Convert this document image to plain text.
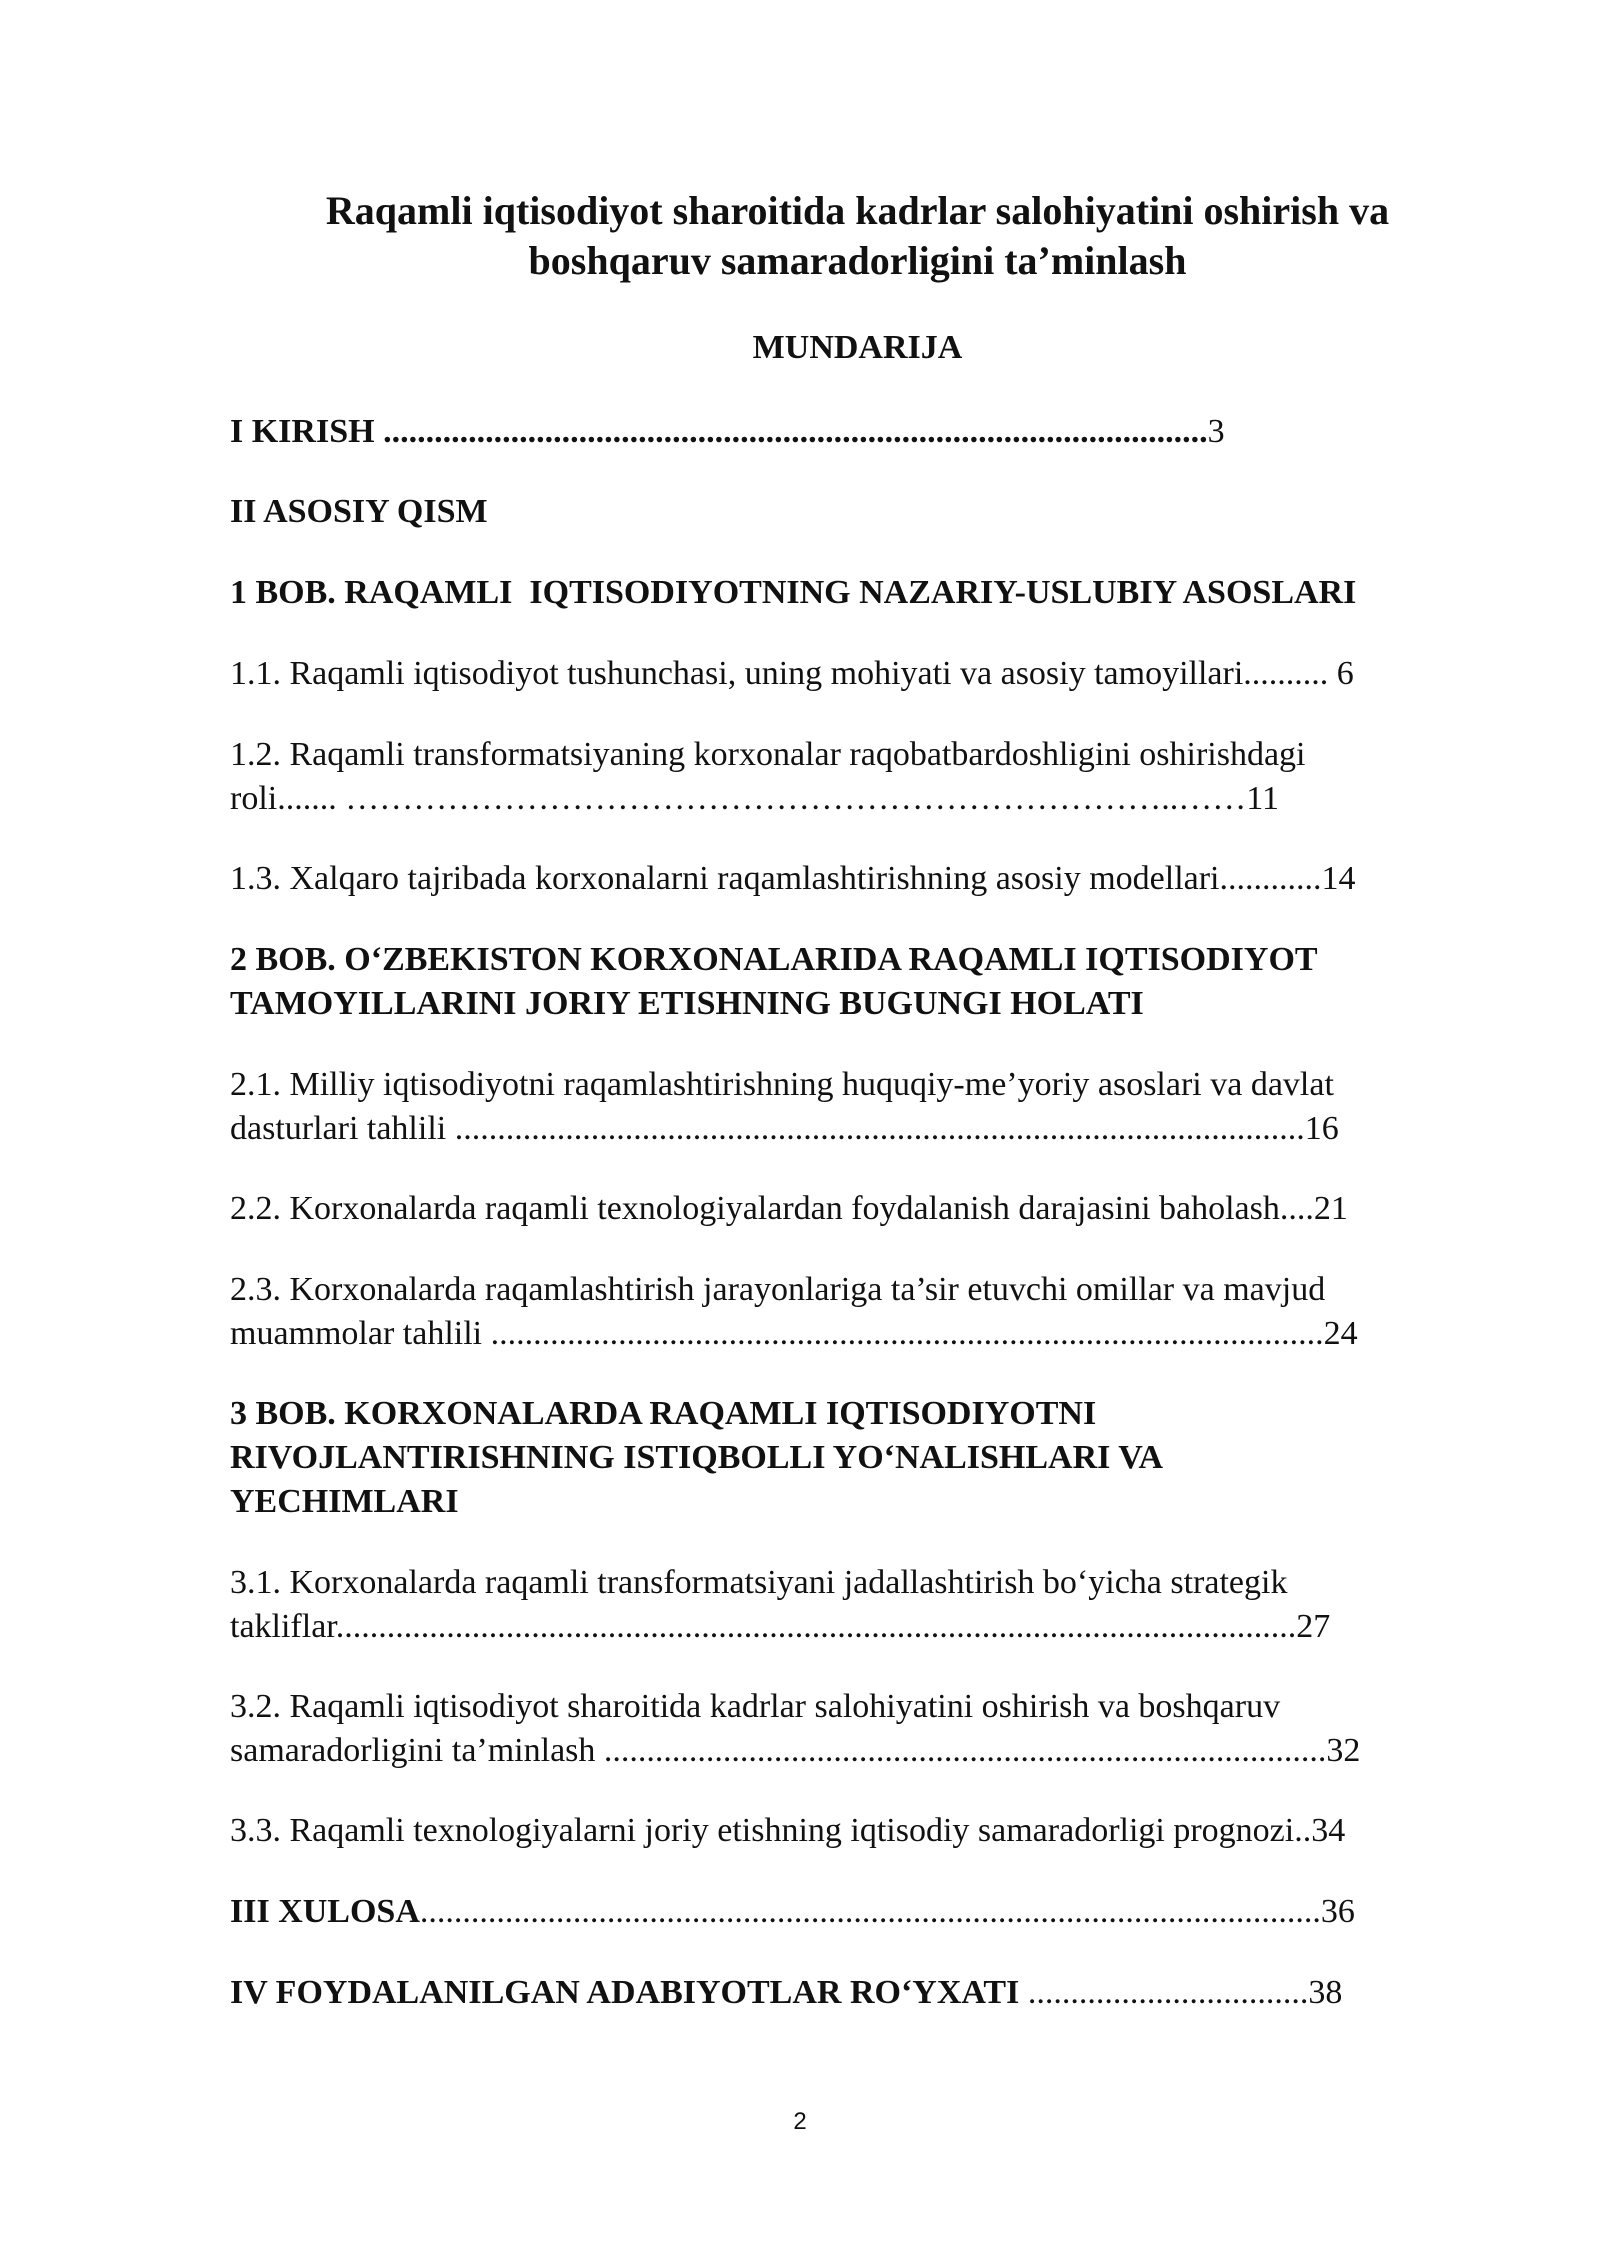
Raqamli iqtisodiyot sharoitida kadrlar salohiyatini oshirish va
boshqaruv samaradorligini ta’minlash
MUNDARIJA
I KIRISH .................................................................................................3
II ASOSIY QISM
1 BOB. RAQAMLI  IQTISODIYOTNING NAZARIY-USLUBIY ASOSLARI
1.1. Raqamli iqtisodiyot tushunchasi, uning mohiyati va asosiy tamoyillari.......... 6
1.2. Raqamli transformatsiyaning korxonalar raqobatbardoshligini oshirishdagi
roli....... ………………………………………………………………..……11
1.3. Xalqaro tajribada korxonalarni raqamlashtirishning asosiy modellari............14
2 BOB. O‘ZBEKISTON KORXONALARIDA RAQAMLI IQTISODIYOT
TAMOYILLARINI JORIY ETISHNING BUGUNGI HOLATI
2.1. Milliy iqtisodiyotni raqamlashtirishning huquqiy-me’yoriy asoslari va davlat
dasturlari tahlili ....................................................................................................16
2.2. Korxonalarda raqamli texnologiyalardan foydalanish darajasini baholash....21
2.3. Korxonalarda raqamlashtirish jarayonlariga ta’sir etuvchi omillar va mavjud
muammolar tahlili ..................................................................................................24
3 BOB. KORXONALARDA RAQAMLI IQTISODIYOTNI
RIVOJLANTIRISHNING ISTIQBOLLI YO‘NALISHLARI VA
YECHIMLARI
3.1. Korxonalarda raqamli transformatsiyani jadallashtirish bo‘yicha strategik
takliflar.................................................................................................................27
3.2. Raqamli iqtisodiyot sharoitida kadrlar salohiyatini oshirish va boshqaruv
samaradorligini ta’minlash .....................................................................................32
3.3. Raqamli texnologiyalarni joriy etishning iqtisodiy samaradorligi prognozi..34
III XULOSA..........................................................................................................36
IV FOYDALANILGAN ADABIYOTLAR RO‘YXATI .................................38
2
